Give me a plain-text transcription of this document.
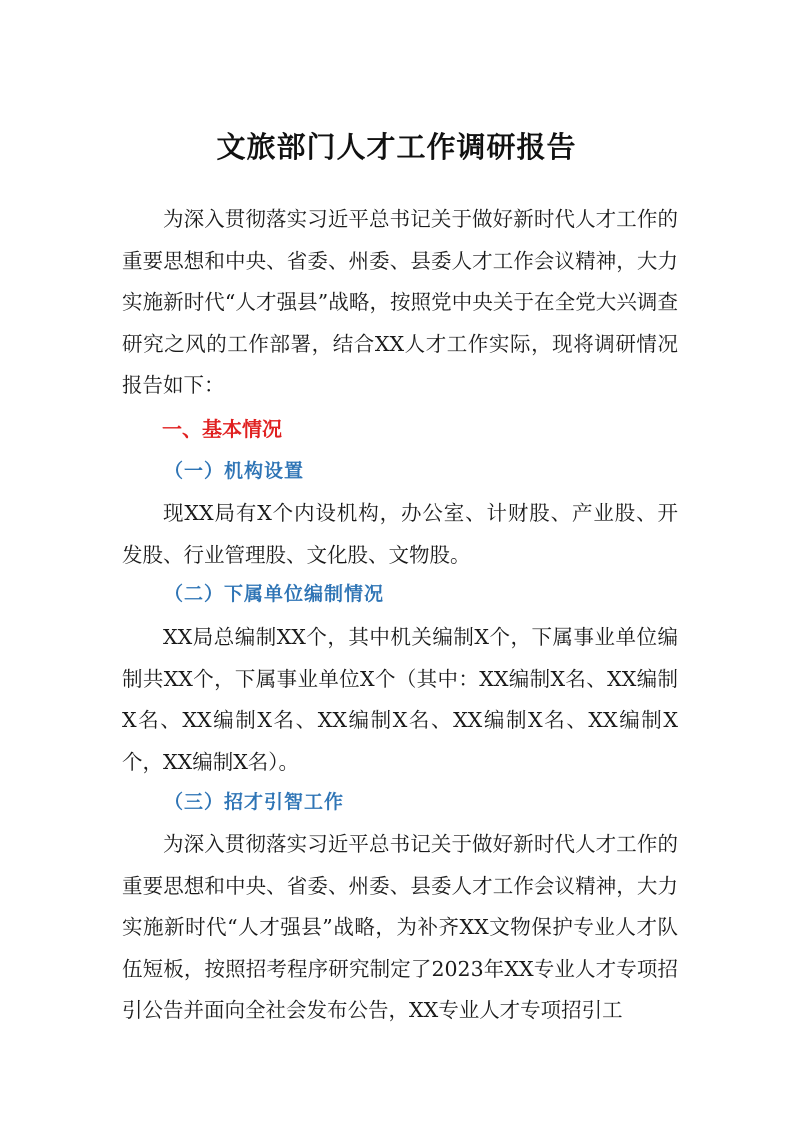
文旅部门人才工作调研报告

为深入贯彻落实习近平总书记关于做好新时代人才工作的重要思想和中央、省委、州委、县委人才工作会议精神，大力实施新时代“人才强县”战略，按照党中央关于在全党大兴调查研究之风的工作部署，结合XX人才工作实际，现将调研情况报告如下：

一、基本情况
（一）机构设置

现XX局有X个内设机构，办公室、计财股、产业股、开发股、行业管理股、文化股、文物股。

（二）下属单位编制情况

XX局总编制XX个，其中机关编制X个，下属事业单位编制共XX个，下属事业单位X个（其中：XX编制X名、XX编制X名、XX编制X名、XX编制X名、XX编制X名、XX编制X个，XX编制X名）。

（三）招才引智工作

为深入贯彻落实习近平总书记关于做好新时代人才工作的重要思想和中央、省委、州委、县委人才工作会议精神，大力实施新时代“人才强县”战略，为补齐XX文物保护专业人才队伍短板，按照招考程序研究制定了2023年XX专业人才专项招引公告并面向全社会发布公告，XX专业人才专项招引工
